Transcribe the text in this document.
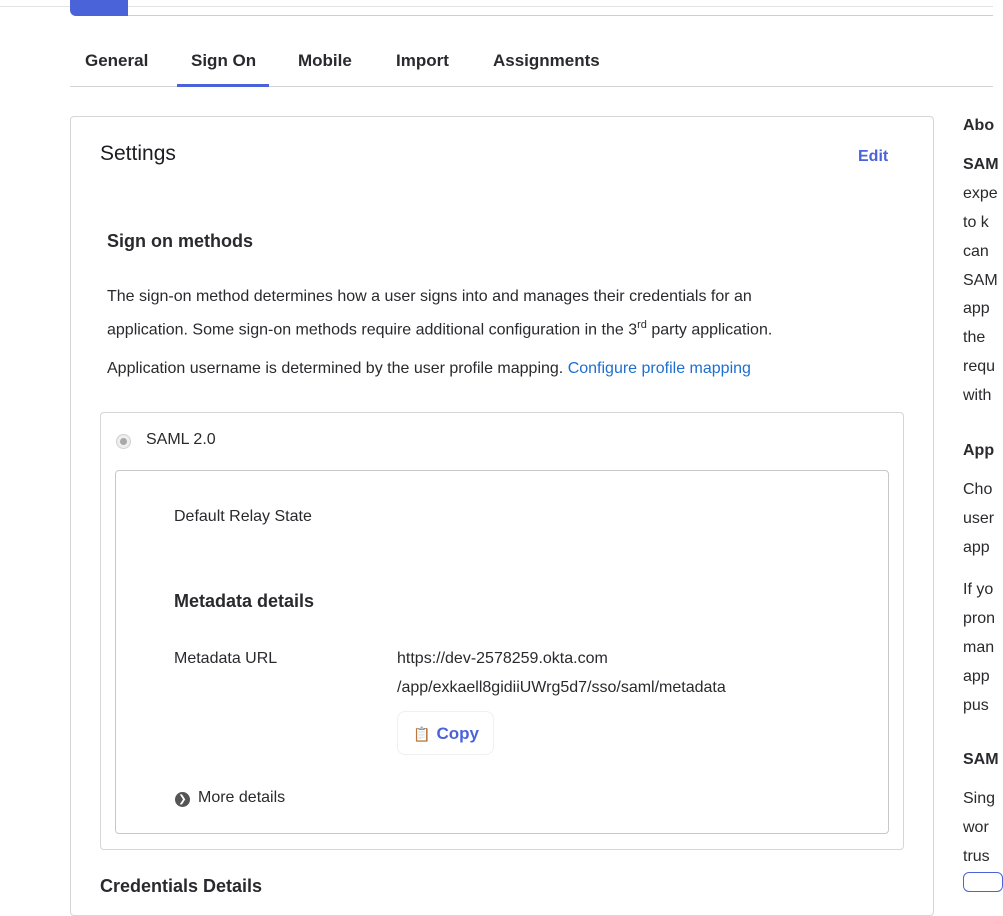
General	Sign On Mobile	Import	Assignments
Settings	Edit
Sign on methods

The sign-on method determines how a user signs into and manages their credentials for an
application. Some sign-on methods require additional configuration in the 3rd party application.

Application username is determined by the user profile mapping. Configure profile mapping

SAML 2.0
Default Relay State
Metadata details
Metadata URL	https://dev-2578259.okta.com
/app/exkaell8gidiiUWrg5d7/sso/saml/metadata
📋 Copy
❯ More details
Credentials Details
Abo
SAM
expe
to k
can
SAM
app
the
requ
with
App
Cho
user
app
If yo
pron
man
app
pus
SAM
Sing
wor
trus
